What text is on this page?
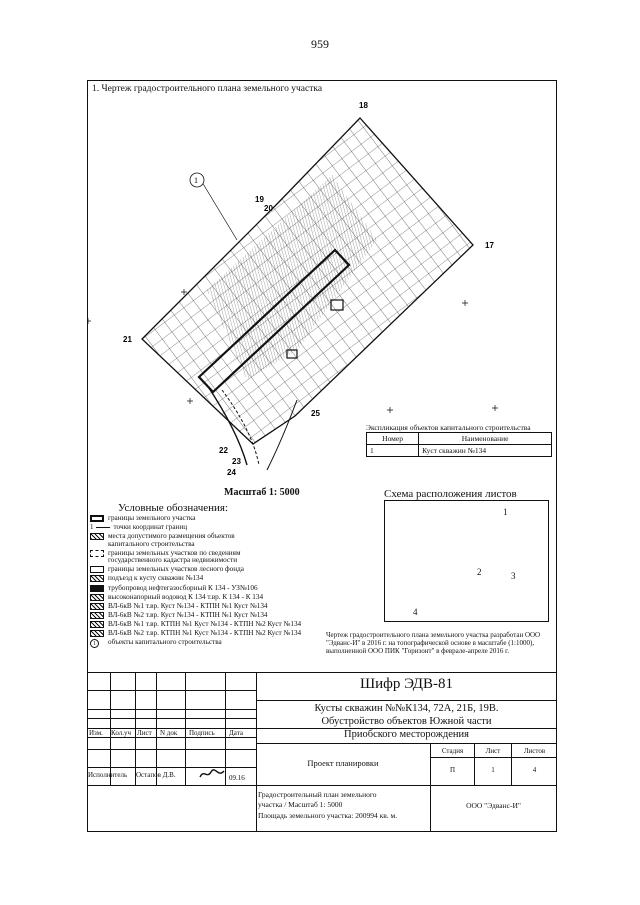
959
1. Чертеж градостроительного плана земельного участка
1
18
19
20
17
21
25
22
23
24
Экспликация объектов капитального строительства
Номер	Наименование
1	Куст скважин №134
Масштаб 1: 5000
Условные обозначения:
границы земельного участка
1	точки координат границ
места допустимого размещения объектов капитального строительства
границы земельных участков по сведениям государственного кадастра недвижимости
границы земельных участков лесного фонда
подъезд к кусту скважин №134
трубопровод нефтегазосборный К 134 - УЗ№106
высоконапорный водовод К 134 т.вр. К 134 - К 134
ВЛ-6кВ №1 т.вр. Куст №134 - КТПН №1 Куст №134
ВЛ-6кВ №2 т.вр. Куст №134 - КТПН №1 Куст №134
ВЛ-6кВ №1 т.вр. КТПН №1 Куст №134 - КТПН №2 Куст №134
ВЛ-6кВ №2 т.вр. КТПН №1 Куст №134 - КТПН №2 Куст №134
1	объекты капитального строительства
Схема расположения листов
1
2	3
4
Чертеж градостроительного плана земельного участка разработан ООО "Эдванс-И" в 2016 г. на топографической основе в масштабе (1:1000), выполненной ООО ПИК "Горизонт" в феврале-апреле 2016 г.
Изм. Кол.уч Лист N док Подпись Дата
Исполнитель Остапов Д.В.	09.16
Шифр ЭДВ-81
Кусты скважин №№К134, 72А, 21Б, 19В.
Обустройство объектов Южной части
Приобского месторождения
Проект планировки
Стадия	Лист	Листов
П	1	4
Градостроительный план земельного
участка / Масштаб 1: 5000
Площадь земельного участка: 200994 кв. м.
ООО "Эдванс-И"
